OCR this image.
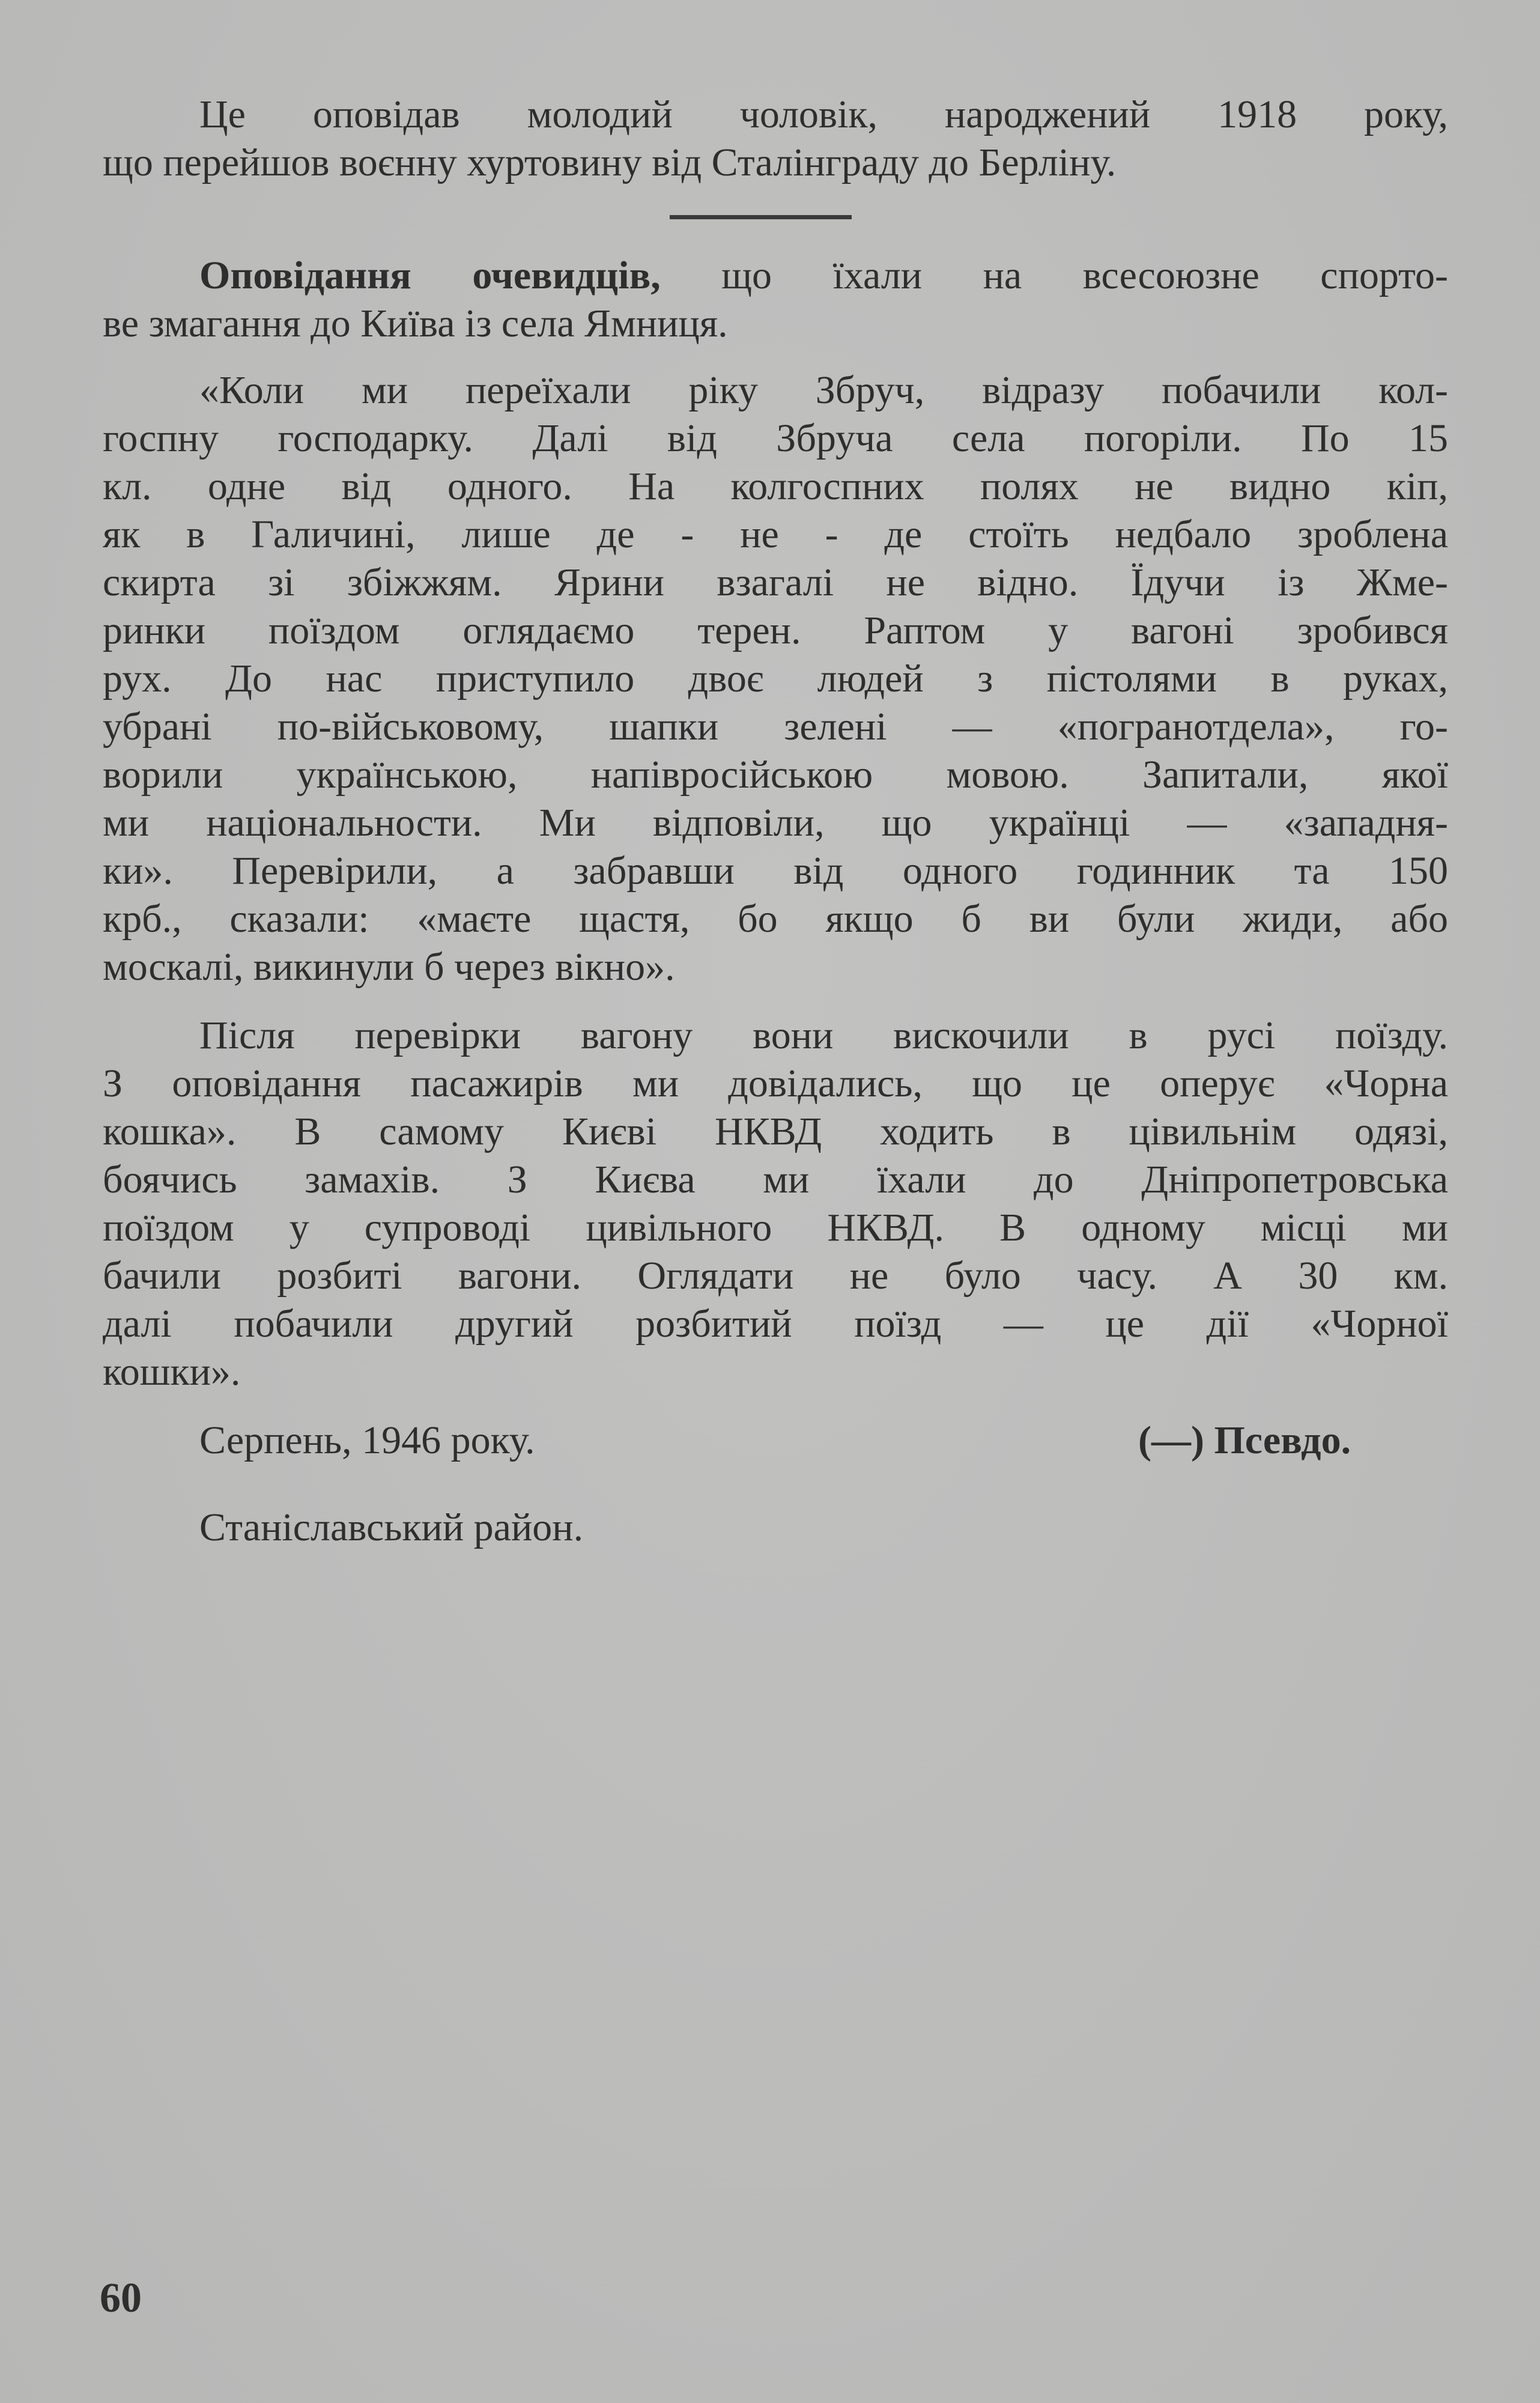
Це оповідав молодий чоловік, народжений 1918 року,
що перейшов воєнну хуртовину від Сталінграду до Берліну.
Оповідання очевидців, що їхали на всесоюзне спорто-
ве змагання до Київа із села Ямниця.
«Коли ми переїхали ріку Збруч, відразу побачили кол-
госпну господарку. Далі від Збруча села погоріли. По 15
кл. одне від одного. На колгоспних полях не видно кіп,
як в Галичині, лише де - не - де стоїть недбало зроблена
скирта зі збіжжям. Ярини взагалі не відно. Їдучи із Жме-
ринки поїздом оглядаємо терен. Раптом у вагоні зробився
рух. До нас приступило двоє людей з пістолями в руках,
убрані по-військовому, шапки зелені — «погранотдела», го-
ворили українською, напівросійською мовою. Запитали, якої
ми національности. Ми відповіли, що українці — «западня-
ки». Перевірили, а забравши від одного годинник та 150
крб., сказали: «маєте щастя, бо якщо б ви були жиди, або
москалі, викинули б через вікно».
Після перевірки вагону вони вискочили в русі поїзду.
З оповідання пасажирів ми довідались, що це оперує «Чорна
кошка». В самому Києві НКВД ходить в цівильнім одязі,
боячись замахів. З Києва ми їхали до Дніпропетровська
поїздом у супроводі цивільного НКВД. В одному місці ми
бачили розбиті вагони. Оглядати не було часу. А 30 км.
далі побачили другий розбитий поїзд — це дії «Чорної
кошки».
Серпень, 1946 року.	(—) Псевдо.
Станіславський район.
60
